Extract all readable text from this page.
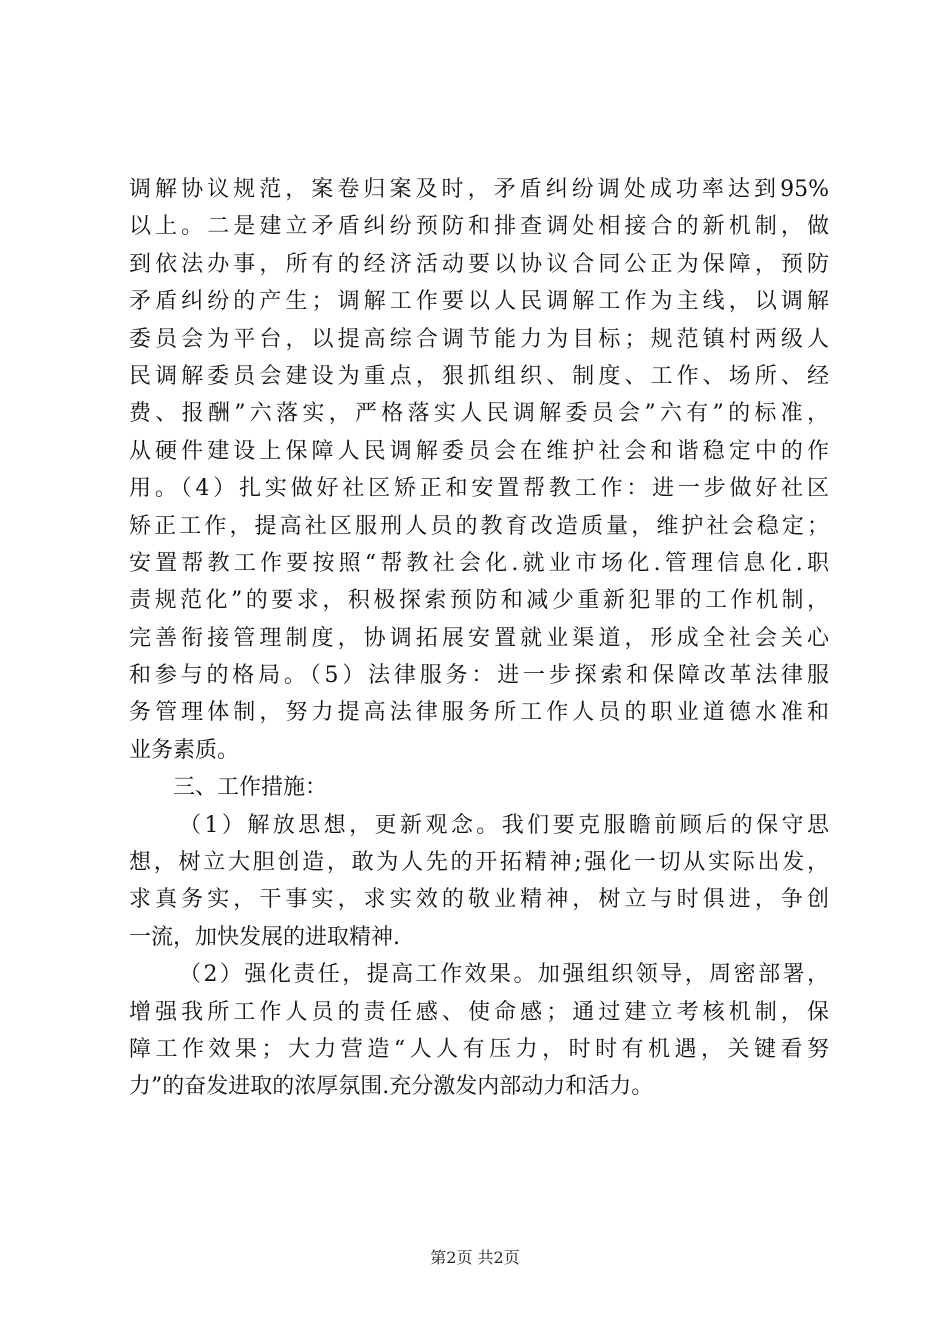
调解协议规范，案卷归案及时，矛盾纠纷调处成功率达到95%
以上。二是建立矛盾纠纷预防和排查调处相接合的新机制，做
到依法办事，所有的经济活动要以协议合同公正为保障，预防
矛盾纠纷的产生；调解工作要以人民调解工作为主线，以调解
委员会为平台，以提高综合调节能力为目标；规范镇村两级人
民调解委员会建设为重点，狠抓组织、制度、工作、场所、经
费、报酬”六落实，严格落实人民调解委员会”六有”的标准，
从硬件建设上保障人民调解委员会在维护社会和谐稳定中的作
用。（4）扎实做好社区矫正和安置帮教工作：进一步做好社区
矫正工作，提高社区服刑人员的教育改造质量，维护社会稳定；
安置帮教工作要按照“帮教社会化.就业市场化.管理信息化.职
责规范化”的要求，积极探索预防和减少重新犯罪的工作机制，
完善衔接管理制度，协调拓展安置就业渠道，形成全社会关心
和参与的格局。（5）法律服务：进一步探索和保障改革法律服
务管理体制，努力提高法律服务所工作人员的职业道德水准和
业务素质。
三、工作措施：
（1）解放思想，更新观念。我们要克服瞻前顾后的保守思
想，树立大胆创造，敢为人先的开拓精神;强化一切从实际出发，
求真务实，干事实，求实效的敬业精神，树立与时俱进，争创
一流，加快发展的进取精神.
（2）强化责任，提高工作效果。加强组织领导，周密部署，
增强我所工作人员的责任感、使命感；通过建立考核机制，保
障工作效果；大力营造“人人有压力，时时有机遇，关键看努
力”的奋发进取的浓厚氛围.充分激发内部动力和活力。
第2页 共2页
